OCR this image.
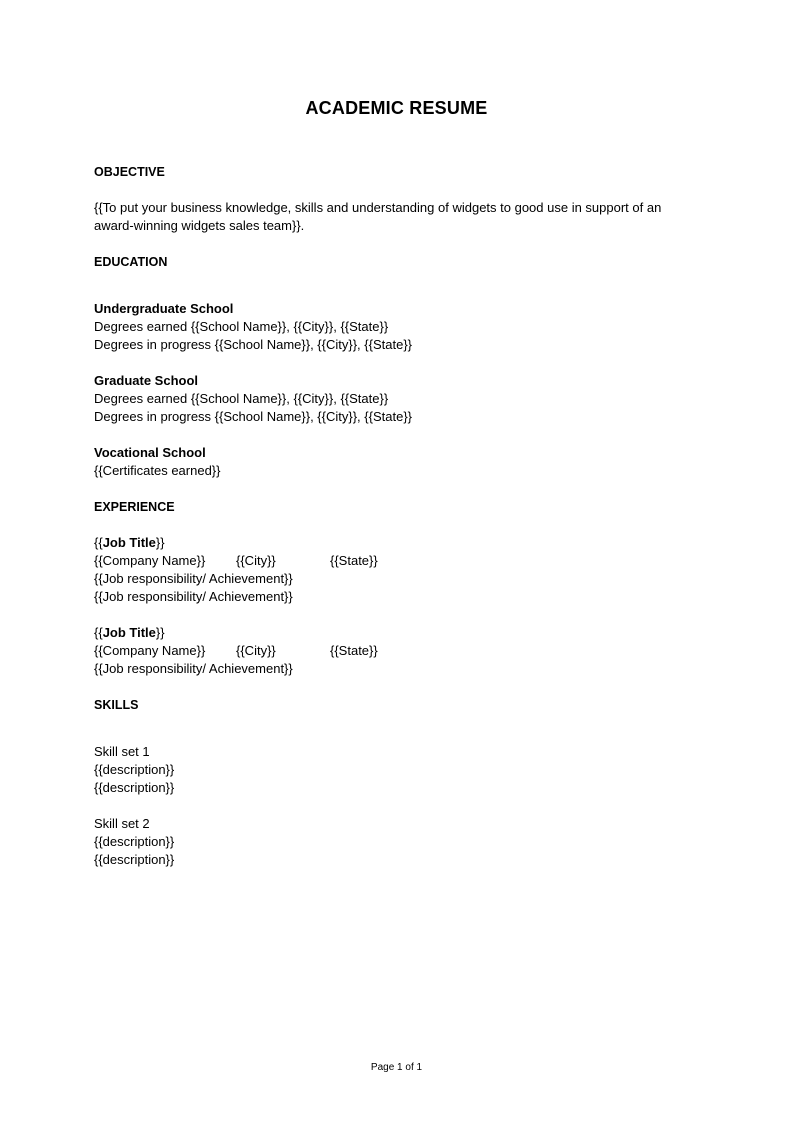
ACADEMIC RESUME
OBJECTIVE
{{To put your business knowledge, skills and understanding of widgets to good use in support of an award-winning widgets sales team}}.
EDUCATION
Undergraduate School
Degrees earned {{School Name}}, {{City}}, {{State}}
Degrees in progress {{School Name}}, {{City}}, {{State}}
Graduate School
Degrees earned {{School Name}}, {{City}}, {{State}}
Degrees in progress {{School Name}}, {{City}}, {{State}}
Vocational School
{{Certificates earned}}
EXPERIENCE
{{Job Title}}
{{Company Name}} {{City}}	{{State}}
{{Job responsibility/ Achievement}}
{{Job responsibility/ Achievement}}
{{Job Title}}
{{Company Name}} {{City}}	{{State}}
{{Job responsibility/ Achievement}}
SKILLS
Skill set 1
{{description}}
{{description}}
Skill set 2
{{description}}
{{description}}
Page 1 of 1
